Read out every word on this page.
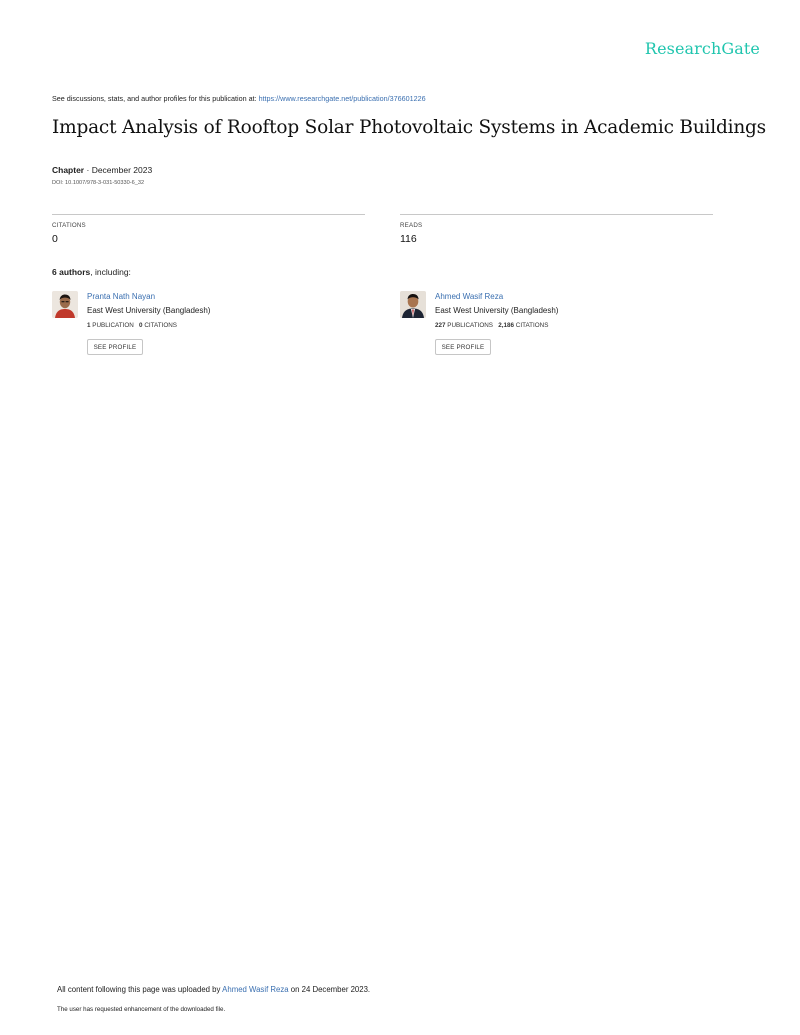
ResearchGate
See discussions, stats, and author profiles for this publication at: https://www.researchgate.net/publication/376601226
Impact Analysis of Rooftop Solar Photovoltaic Systems in Academic Buildings
Chapter · December 2023
DOI: 10.1007/978-3-031-50330-6_32
CITATIONS
0
READS
116
6 authors, including:
Pranta Nath Nayan
East West University (Bangladesh)
1 PUBLICATION 0 CITATIONS
SEE PROFILE
Ahmed Wasif Reza
East West University (Bangladesh)
227 PUBLICATIONS 2,186 CITATIONS
SEE PROFILE
All content following this page was uploaded by Ahmed Wasif Reza on 24 December 2023.
The user has requested enhancement of the downloaded file.
